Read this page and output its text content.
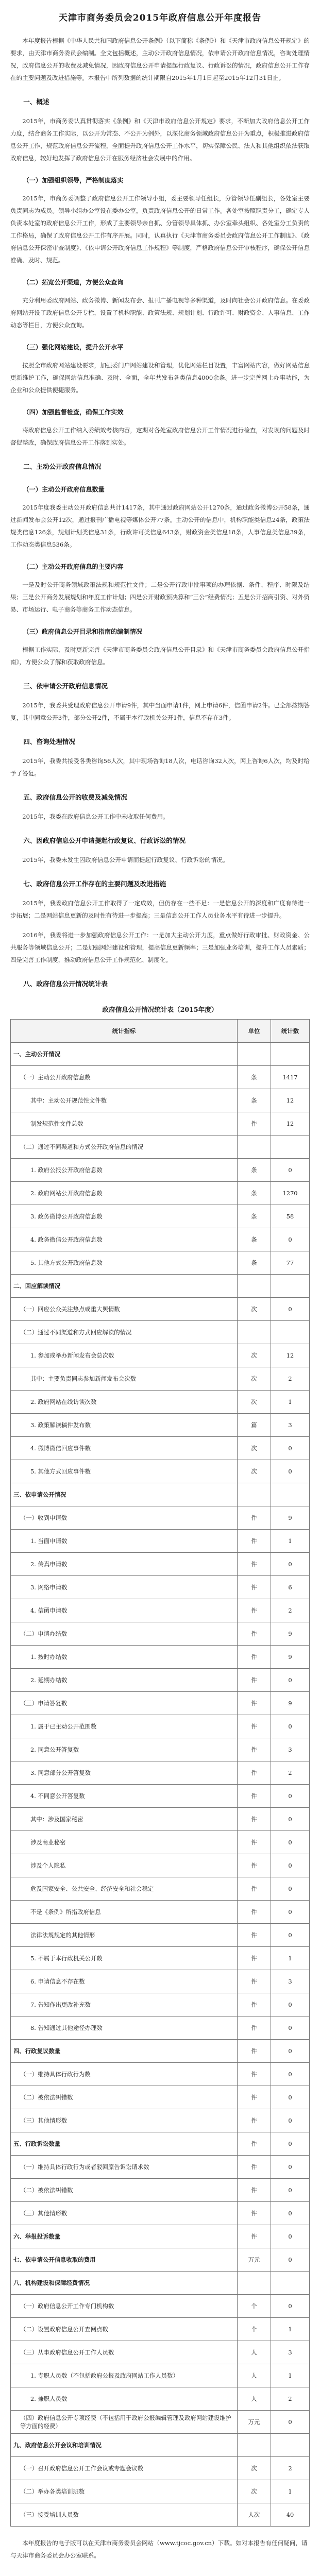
天津市商务委员会2015年政府信息公开年度报告

本年度报告根据《中华人民共和国政府信息公开条例》（以下简称《条例》）和《天津市政府信息公开规定》的要求，由天津市商务委员会编制。全文包括概述，主动公开政府信息情况，依申请公开政府信息情况，咨询处理情况，政府信息公开的收费及减免情况，因政府信息公开申请提起行政复议、行政诉讼的情况，政府信息公开工作存在的主要问题及改进措施等。本报告中所列数据的统计期限自2015年1月1日起至2015年12月31日止。

一、概述

2015年，市商务委认真贯彻落实《条例》和《天津市政府信息公开规定》要求，不断加大政府信息公开工作力度，结合商务工作实际，以公开为常态、不公开为例外，以深化商务领域政府信息公开为重点，积极推进政府信息公开工作，规范政府信息公开流程，全面提升政府信息公开工作水平，切实保障公民、法人和其他组织依法获取政府信息，较好地发挥了政府信息公开在服务经济社会发展中的作用。

（一）加强组织领导，严格制度落实

2015年，市商务委调整了政府信息公开工作领导小组，委主要领导任组长，分管领导任副组长，各处室主要负责同志为成员。领导小组办公室设在委办公室，负责政府信息公开的日常工作。各处室按照职责分工，确定专人负责本处室的政府信息公开工作，形成了主要领导亲自抓、分管领导具体抓、办公室牵头组织、各处室分工负责的工作格局，确保了政府信息公开工作有序开展。同时，认真执行《天津市商务委员会政府信息公开工作制度》、《政府信息公开保密审查制度》、《依申请公开政府信息工作规程》等制度，严格政府信息公开审核程序，确保公开信息准确、及时、规范。

（二）拓宽公开渠道，方便公众查询

充分利用委政府网站、政务微博、新闻发布会、报刊广播电视等多种渠道，及时向社会公开政府信息。在委政府网站开设了政府信息公开专栏，设置了机构职能、政策法规、规划计划、行政许可、财政资金、人事信息、工作动态等栏目，方便公众查询。

（三）强化网站建设，提升公开水平

按照全市政府网站建设要求，加强委门户网站建设和管理，优化网站栏目设置，丰富网站内容，做好网站信息更新维护工作，确保网站信息准确、及时、全面，全年共发布各类信息4000余条。进一步完善网上办事功能，为企业和公众提供便捷服务。

（四）加强监督检查，确保工作实效

将政府信息公开工作纳入委绩效考核内容，定期对各处室政府信息公开工作情况进行检查，对发现的问题及时督促整改，确保政府信息公开工作落到实处。

二、主动公开政府信息情况
（一）主动公开政府信息数量

2015年度我委主动公开政府信息共计1417条，其中通过政府网站公开1270条，通过政务微博公开58条，通过新闻发布会公开12次，通过报刊广播电视等媒体公开77条。主动公开的信息中，机构职能类信息24条，政策法规类信息126条，规划计划类信息31条，行政许可类信息643条，财政资金类信息18条，人事信息类信息39条，工作动态类信息536条。

（二）主动公开政府信息的主要内容

一是及时公开商务领域政策法规和规范性文件；二是公开行政审批事项的办理依据、条件、程序、时限及结果；三是公开商务发展规划和年度工作计划；四是公开财政预决算和“三公”经费情况；五是公开招商引资、对外贸易、市场运行、电子商务等商务工作动态信息。

（三）政府信息公开目录和指南的编制情况

根据工作实际，及时更新完善《天津市商务委员会政府信息公开目录》和《天津市商务委员会政府信息公开指南》，方便公众了解和获取政府信息。

三、依申请公开政府信息情况

2015年，我委共受理政府信息公开申请9件，其中当面申请1件，网上申请6件，信函申请2件。已全部按期答复，其中同意公开3件，部分公开2件，不属于本行政机关公开1件，信息不存在3件。

四、咨询处理情况

2015年，我委共接受各类咨询56人次，其中现场咨询18人次，电话咨询32人次，网上咨询6人次，均及时给予了答复。

五、政府信息公开的收费及减免情况

2015年，我委在政府信息公开工作中未收取任何费用。

六、因政府信息公开申请提起行政复议、行政诉讼的情况

2015年，我委未发生因政府信息公开申请而提起行政复议、行政诉讼的情况。

七、政府信息公开工作存在的主要问题及改进措施

2015年，我委政府信息公开工作取得了一定成效，但仍存在一些不足：一是信息公开的深度和广度有待进一步拓展；二是网站信息更新的及时性有待进一步提高；三是信息公开工作人员业务水平有待进一步提升。

2016年，我委将进一步加强政府信息公开工作：一是加大主动公开力度，重点做好行政审批、财政资金、公共服务等领域信息公开；二是加强网站建设和管理，提高信息更新频率；三是加强业务培训，提升工作人员素质；四是完善工作制度，推动政府信息公开工作规范化、制度化。

八、政府信息公开情况统计表
政府信息公开情况统计表（2015年度）
统计指标	单位	统计数
一、主动公开情况		
（一）主动公开政府信息数	条	1417
其中：主动公开规范性文件数	条	12
制发规范性文件总数	件	12
（二）通过不同渠道和方式公开政府信息的情况		
1. 政府公报公开政府信息数	条	0
2. 政府网站公开政府信息数	条	1270
3. 政务微博公开政府信息数	条	58
4. 政务微信公开政府信息数	条	0
5. 其他方式公开政府信息数	条	77
二、回应解读情况		
（一）回应公众关注热点或重大舆情数	次	0
（二）通过不同渠道和方式回应解读的情况		
1. 参加或举办新闻发布会总次数	次	12
其中：主要负责同志参加新闻发布会次数	次	2
2. 政府网站在线访谈次数	次	1
3. 政策解读稿件发布数	篇	3
4. 微博微信回应事件数	次	0
5. 其他方式回应事件数	次	0
三、依申请公开情况		
（一）收到申请数	件	9
1. 当面申请数	件	1
2. 传真申请数	件	0
3. 网络申请数	件	6
4. 信函申请数	件	2
（二）申请办结数	件	9
1. 按时办结数	件	9
2. 延期办结数	件	0
（三）申请答复数	件	9
1. 属于已主动公开范围数	件	0
2. 同意公开答复数	件	3
3. 同意部分公开答复数	件	2
4. 不同意公开答复数	件	0
其中：涉及国家秘密	件	0
涉及商业秘密	件	0
涉及个人隐私	件	0
危及国家安全、公共安全、经济安全和社会稳定	件	0
不是《条例》所指政府信息	件	0
法律法规规定的其他情形	件	0
5. 不属于本行政机关公开数	件	1
6. 申请信息不存在数	件	3
7. 告知作出更改补充数	件	0
8. 告知通过其他途径办理数	件	0
四、行政复议数量	件	0
（一）维持具体行政行为数	件	0
（二）被依法纠错数	件	0
（三）其他情形数	件	0
五、行政诉讼数量	件	0
（一）维持具体行政行为或者驳回原告诉讼请求数	件	0
（二）被依法纠错数	件	0
（三）其他情形数	件	0
六、举报投诉数量	件	0
七、依申请公开信息收取的费用	万元	0
八、机构建设和保障经费情况		
（一）政府信息公开工作专门机构数	个	0
（二）设置政府信息公开查阅点数	个	1
（三）从事政府信息公开工作人员数	人	3
1. 专职人员数（不包括政府公报及政府网站工作人员数）	人	1
2. 兼职人员数	人	2
（四）政府信息公开专项经费（不包括用于政府公报编辑管理及政府网站建设维护等方面的经费）	万元	0
九、政府信息公开会议和培训情况		
（一）召开政府信息公开工作会议或专题会议数	次	2
（二）举办各类培训班数	次	1
（三）接受培训人员数	人次	40
本年度报告的电子版可以在天津市商务委员会网站（www.tjcoc.gov.cn）下载。如对本报告有任何疑问，请与天津市商务委员会办公室联系。
